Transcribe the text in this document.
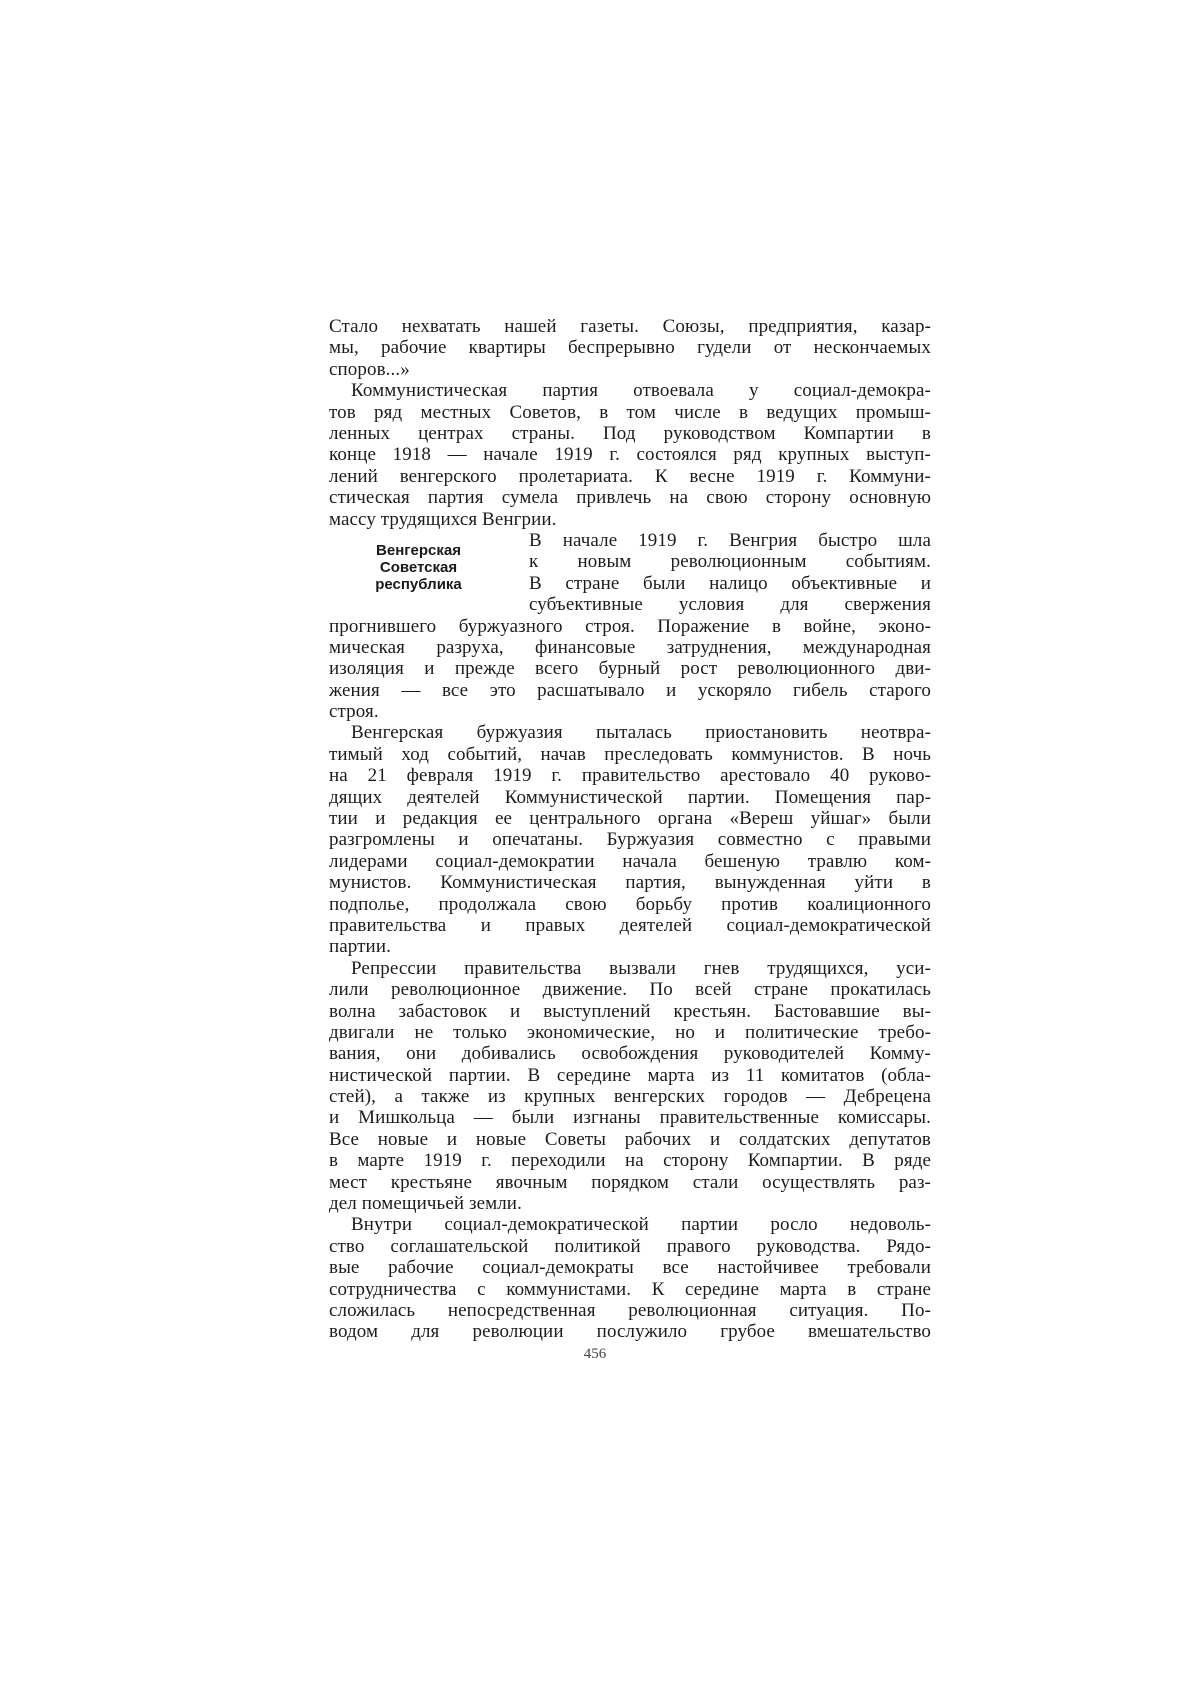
Стало нехватать нашей газеты. Союзы, предприятия, казар-
мы, рабочие квартиры беспрерывно гудели от нескончаемых
споров...»
Коммунистическая партия отвоевала у социал-демокра-
тов ряд местных Советов, в том числе в ведущих промыш-
ленных центрах страны. Под руководством Компартии в
конце 1918 — начале 1919 г. состоялся ряд крупных выступ-
лений венгерского пролетариата. К весне 1919 г. Коммуни-
стическая партия сумела привлечь на свою сторону основную
массу трудящихся Венгрии.
Венгерская
Советская
республика
В начале 1919 г. Венгрия быстро шла
к новым революционным событиям.
В стране были налицо объективные и
субъективные условия для свержения
прогнившего буржуазного строя. Поражение в войне, эконо-
мическая разруха, финансовые затруднения, международная
изоляция и прежде всего бурный рост революционного дви-
жения — все это расшатывало и ускоряло гибель старого
строя.
Венгерская буржуазия пыталась приостановить неотвра-
тимый ход событий, начав преследовать коммунистов. В ночь
на 21 февраля 1919 г. правительство арестовало 40 руково-
дящих деятелей Коммунистической партии. Помещения пар-
тии и редакция ее центрального органа «Вереш уйшаг» были
разгромлены и опечатаны. Буржуазия совместно с правыми
лидерами социал-демократии начала бешеную травлю ком-
мунистов. Коммунистическая партия, вынужденная уйти в
подполье, продолжала свою борьбу против коалиционного
правительства и правых деятелей социал-демократической
партии.
Репрессии правительства вызвали гнев трудящихся, уси-
лили революционное движение. По всей стране прокатилась
волна забастовок и выступлений крестьян. Бастовавшие вы-
двигали не только экономические, но и политические требо-
вания, они добивались освобождения руководителей Комму-
нистической партии. В середине марта из 11 комитатов (обла-
стей), а также из крупных венгерских городов — Дебрецена
и Мишкольца — были изгнаны правительственные комиссары.
Все новые и новые Советы рабочих и солдатских депутатов
в марте 1919 г. переходили на сторону Компартии. В ряде
мест крестьяне явочным порядком стали осуществлять раз-
дел помещичьей земли.
Внутри социал-демократической партии росло недоволь-
ство соглашательской политикой правого руководства. Рядо-
вые рабочие социал-демократы все настойчивее требовали
сотрудничества с коммунистами. К середине марта в стране
сложилась непосредственная революционная ситуация. По-
водом для революции послужило грубое вмешательство
456
